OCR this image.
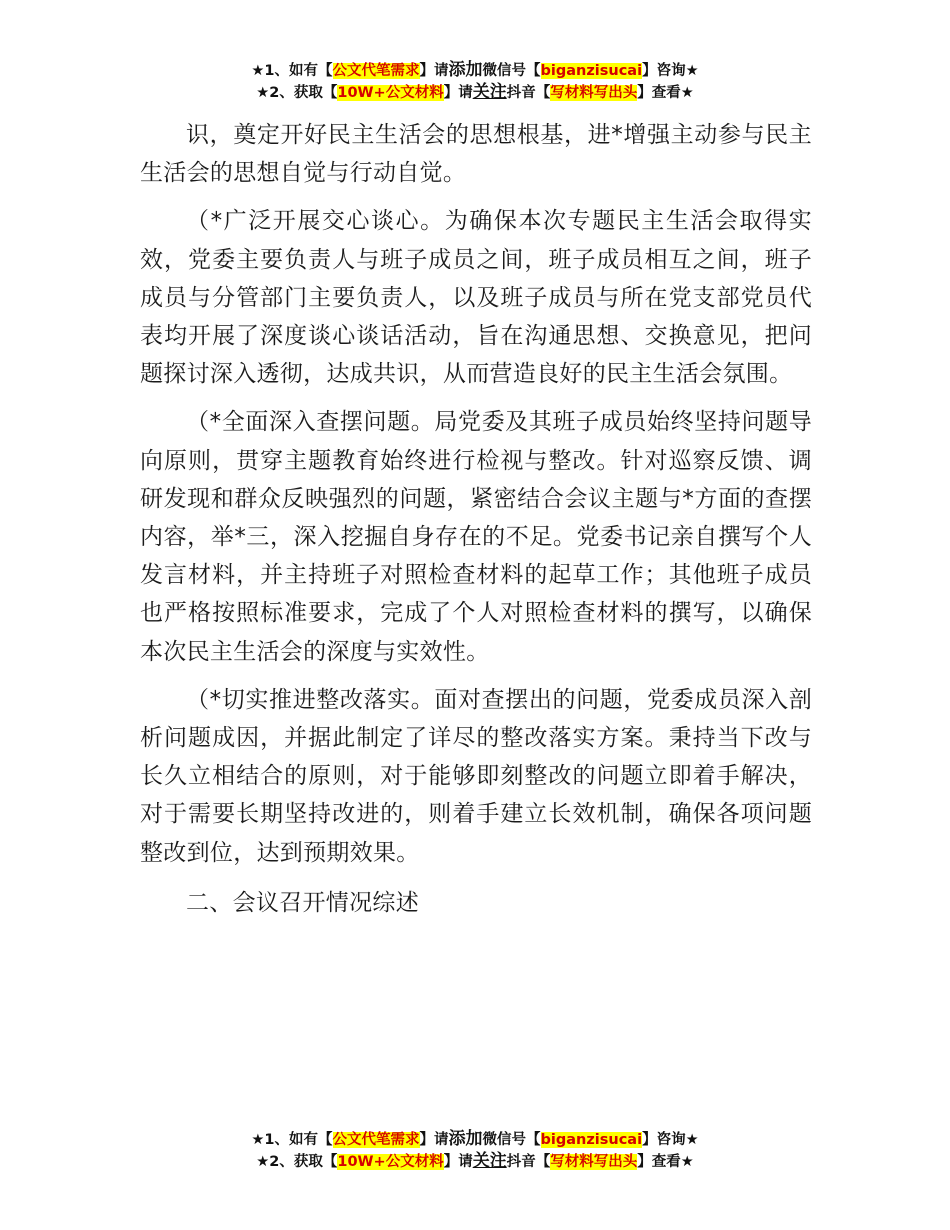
★1、如有【公文代笔需求】请添加微信号【biganzisucai】咨询★
★2、获取【10W+公文材料】请关注抖音【写材料写出头】查看★

识，奠定开好民主生活会的思想根基，进*增强主动参与民主生活会的思想自觉与行动自觉。

（*广泛开展交心谈心。为确保本次专题民主生活会取得实效，党委主要负责人与班子成员之间，班子成员相互之间，班子成员与分管部门主要负责人，以及班子成员与所在党支部党员代表均开展了深度谈心谈话活动，旨在沟通思想、交换意见，把问题探讨深入透彻，达成共识，从而营造良好的民主生活会氛围。

（*全面深入查摆问题。局党委及其班子成员始终坚持问题导向原则，贯穿主题教育始终进行检视与整改。针对巡察反馈、调研发现和群众反映强烈的问题，紧密结合会议主题与*方面的查摆内容，举*三，深入挖掘自身存在的不足。党委书记亲自撰写个人发言材料，并主持班子对照检查材料的起草工作；其他班子成员也严格按照标准要求，完成了个人对照检查材料的撰写，以确保本次民主生活会的深度与实效性。

（*切实推进整改落实。面对查摆出的问题，党委成员深入剖析问题成因，并据此制定了详尽的整改落实方案。秉持当下改与长久立相结合的原则，对于能够即刻整改的问题立即着手解决，对于需要长期坚持改进的，则着手建立长效机制，确保各项问题整改到位，达到预期效果。

二、会议召开情况综述

★1、如有【公文代笔需求】请添加微信号【biganzisucai】咨询★
★2、获取【10W+公文材料】请关注抖音【写材料写出头】查看★
